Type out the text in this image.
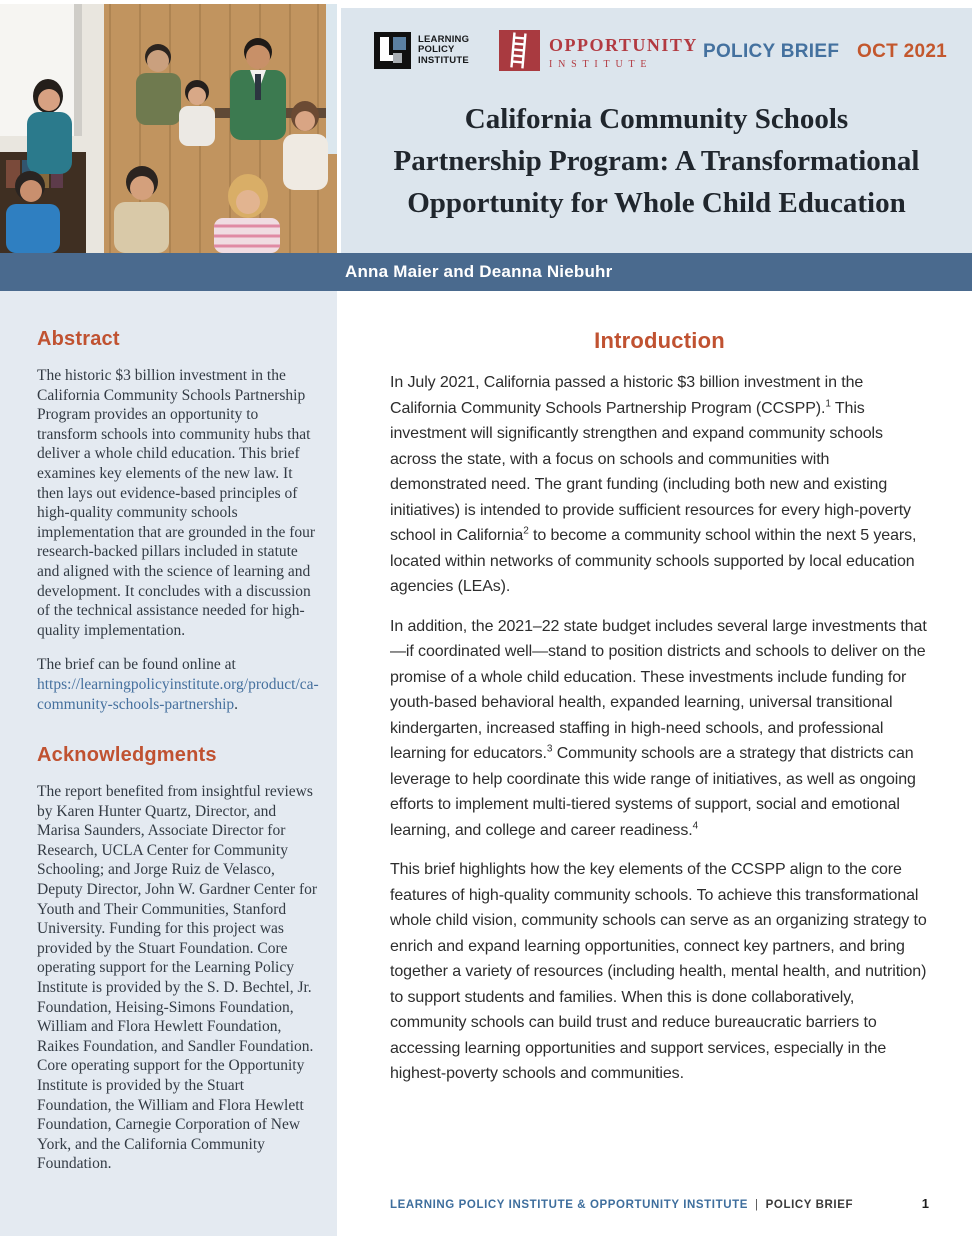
LEARNING
POLICY
INSTITUTE
OPPORTUNITY
INSTITUTE
POLICY BRIEF OCT 2021
California Community Schools
Partnership Program: A Transformational
Opportunity for Whole Child Education
Anna Maier and Deanna Niebuhr
Abstract

The historic $3 billion investment in the California Community Schools Partnership Program provides an opportunity to transform schools into community hubs that deliver a whole child education. This brief examines key elements of the new law. It then lays out evidence-based principles of high-quality community schools implementation that are grounded in the four research-backed pillars included in statute and aligned with the science of learning and development. It concludes with a discussion of the technical assistance needed for high-quality implementation.

The brief can be found online at https://learningpolicyinstitute.org/product/ca-community-schools-partnership.

Acknowledgments

The report benefited from insightful reviews by Karen Hunter Quartz, Director, and Marisa Saunders, Associate Director for Research, UCLA Center for Community Schooling; and Jorge Ruiz de Velasco, Deputy Director, John W. Gardner Center for Youth and Their Communities, Stanford University. Funding for this project was provided by the Stuart Foundation. Core operating support for the Learning Policy Institute is provided by the S. D. Bechtel, Jr. Foundation, Heising-Simons Foundation, William and Flora Hewlett Foundation, Raikes Foundation, and Sandler Foundation. Core operating support for the Opportunity Institute is provided by the Stuart Foundation, the William and Flora Hewlett Foundation, Carnegie Corporation of New York, and the California Community Foundation.

Introduction

In July 2021, California passed a historic $3 billion investment in the California Community Schools Partnership Program (CCSPP).$^1$ This investment will significantly strengthen and expand community schools across the state, with a focus on schools and communities with demonstrated need. The grant funding (including both new and existing initiatives) is intended to provide sufficient resources for every high-poverty school in California$^2$ to become a community school within the next 5 years, located within networks of community schools supported by local education agencies (LEAs).

In addition, the 2021–22 state budget includes several large investments that—if coordinated well—stand to position districts and schools to deliver on the promise of a whole child education. These investments include funding for youth-based behavioral health, expanded learning, universal transitional kindergarten, increased staffing in high-need schools, and professional learning for educators.$^3$ Community schools are a strategy that districts can leverage to help coordinate this wide range of initiatives, as well as ongoing efforts to implement multi-tiered systems of support, social and emotional learning, and college and career readiness.$^4$

This brief highlights how the key elements of the CCSPP align to the core features of high-quality community schools. To achieve this transformational whole child vision, community schools can serve as an organizing strategy to enrich and expand learning opportunities, connect key partners, and bring together a variety of resources (including health, mental health, and nutrition) to support students and families. When this is done collaboratively, community schools can build trust and reduce bureaucratic barriers to accessing learning opportunities and support services, especially in the highest-poverty schools and communities.

LEARNING POLICY INSTITUTE & OPPORTUNITY INSTITUTE | POLICY BRIEF	1
